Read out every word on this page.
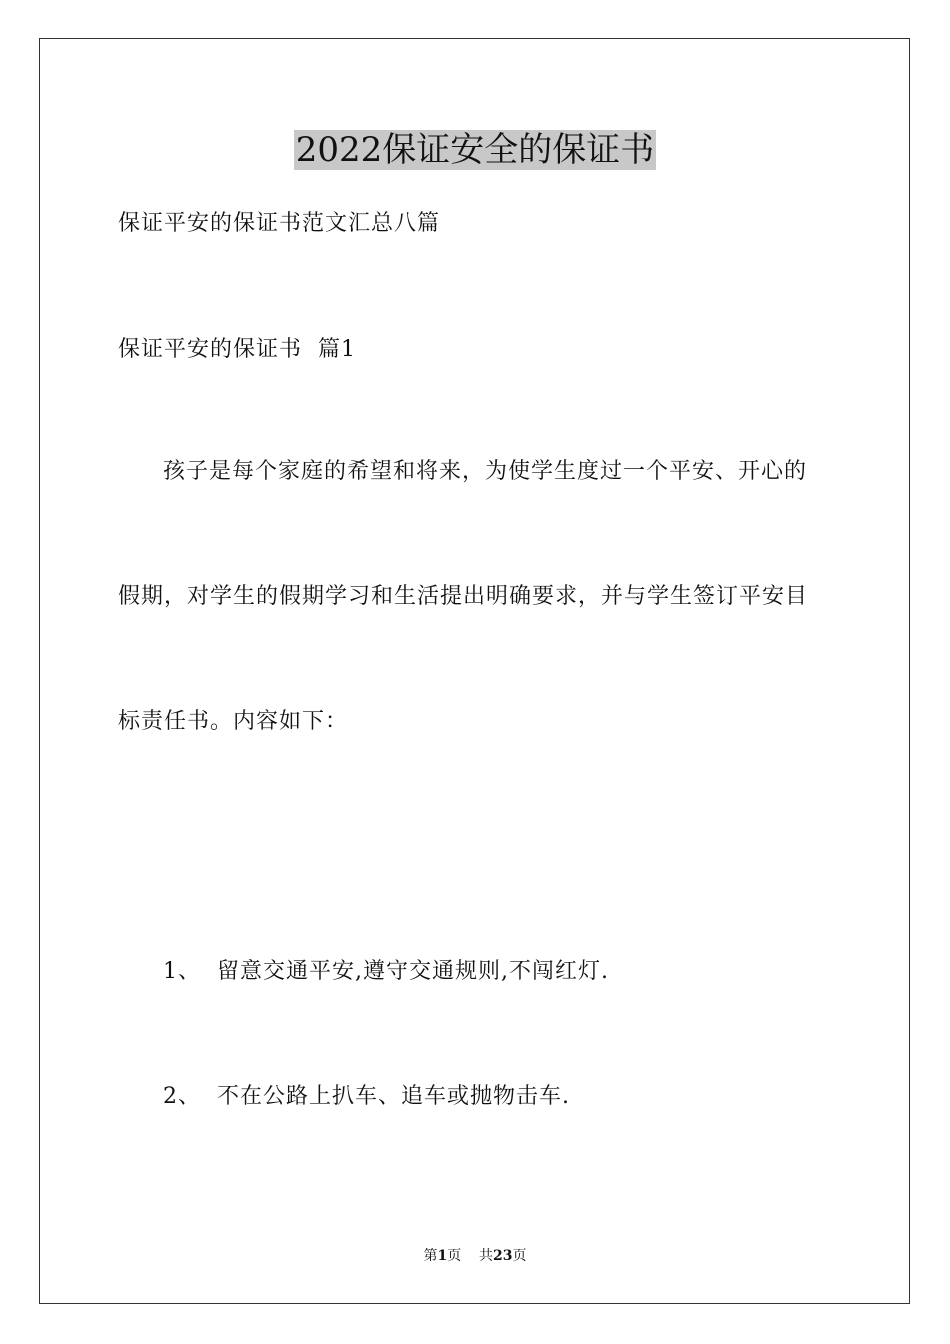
2022保证安全的保证书
保证平安的保证书范文汇总八篇
保证平安的保证书  篇1
孩子是每个家庭的希望和将来，为使学生度过一个平安、开心的
假期，对学生的假期学习和生活提出明确要求，并与学生签订平安目
标责任书。内容如下：
1、  留意交通平安,遵守交通规则,不闯红灯.
2、  不在公路上扒车、追车或抛物击车.
第1页    共23页
